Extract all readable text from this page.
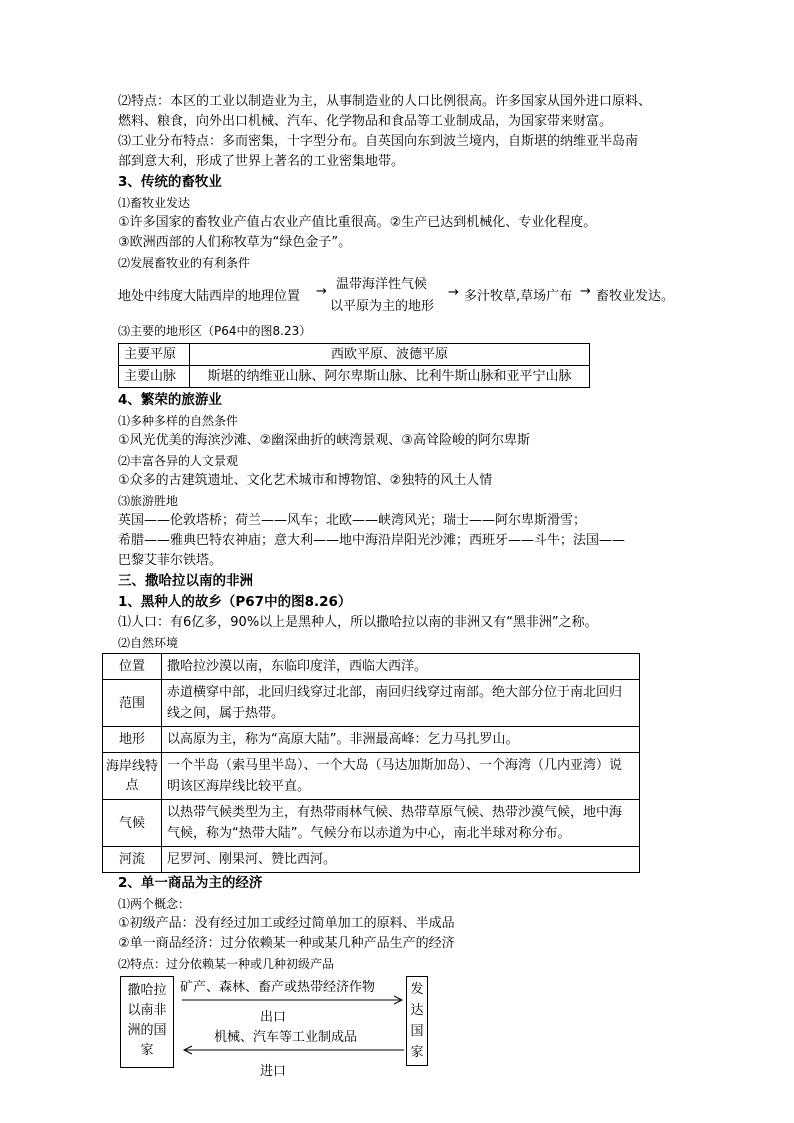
⑵特点：本区的工业以制造业为主，从事制造业的人口比例很高。许多国家从国外进口原料、
燃料、粮食，向外出口机械、汽车、化学物品和食品等工业制成品，为国家带来财富。
⑶工业分布特点：多而密集，十字型分布。自英国向东到波兰境内，自斯堪的纳维亚半岛南
部到意大利，形成了世界上著名的工业密集地带。
3、传统的畜牧业
⑴畜牧业发达
①许多国家的畜牧业产值占农业产值比重很高。②生产已达到机械化、专业化程度。
③欧洲西部的人们称牧草为“绿色金子”。
⑵发展畜牧业的有利条件
地处中纬度大陆西岸的地理位置 → 温带海洋性气候
以平原为主的地形
→ 多汁牧草,草场广布 → 畜牧业发达。
⑶主要的地形区（P64中的图8.23）
主要平原	西欧平原、波德平原
主要山脉	斯堪的纳维亚山脉、阿尔卑斯山脉、比利牛斯山脉和亚平宁山脉
4、繁荣的旅游业
⑴多种多样的自然条件
①风光优美的海滨沙滩、②幽深曲折的峡湾景观、③高耸险峻的阿尔卑斯
⑵丰富各异的人文景观
①众多的古建筑遗址、文化艺术城市和博物馆、②独特的风土人情
⑶旅游胜地
英国——伦敦塔桥；荷兰——风车；北欧——峡湾风光；瑞士——阿尔卑斯滑雪；
希腊——雅典巴特农神庙；意大利——地中海沿岸阳光沙滩；西班牙——斗牛；法国——
巴黎艾菲尔铁塔。
三、撒哈拉以南的非洲
1、黑种人的故乡（P67中的图8.26）
⑴人口：有6亿多，90%以上是黑种人，所以撒哈拉以南的非洲又有“黑非洲”之称。
⑵自然环境
位置	撒哈拉沙漠以南，东临印度洋，西临大西洋。
范围	赤道横穿中部，北回归线穿过北部，南回归线穿过南部。绝大部分位于南北回归线之间，属于热带。
地形	以高原为主，称为“高原大陆”。非洲最高峰：乞力马扎罗山。
海岸线特点	一个半岛（索马里半岛）、一个大岛（马达加斯加岛）、一个海湾（几内亚湾）说明该区海岸线比较平直。
气候	以热带气候类型为主，有热带雨林气候、热带草原气候、热带沙漠气候，地中海气候，称为“热带大陆”。气候分布以赤道为中心，南北半球对称分布。
河流	尼罗河、刚果河、赞比西河。
2、单一商品为主的经济
⑴两个概念：
①初级产品：没有经过加工或经过简单加工的原料、半成品
②单一商品经济：过分依赖某一种或某几种产品生产的经济
⑵特点：过分依赖某一种或几种初级产品
撒哈拉以南非洲的国家
发达国家
矿产、森林、畜产或热带经济作物
出口
机械、汽车等工业制成品
进口
